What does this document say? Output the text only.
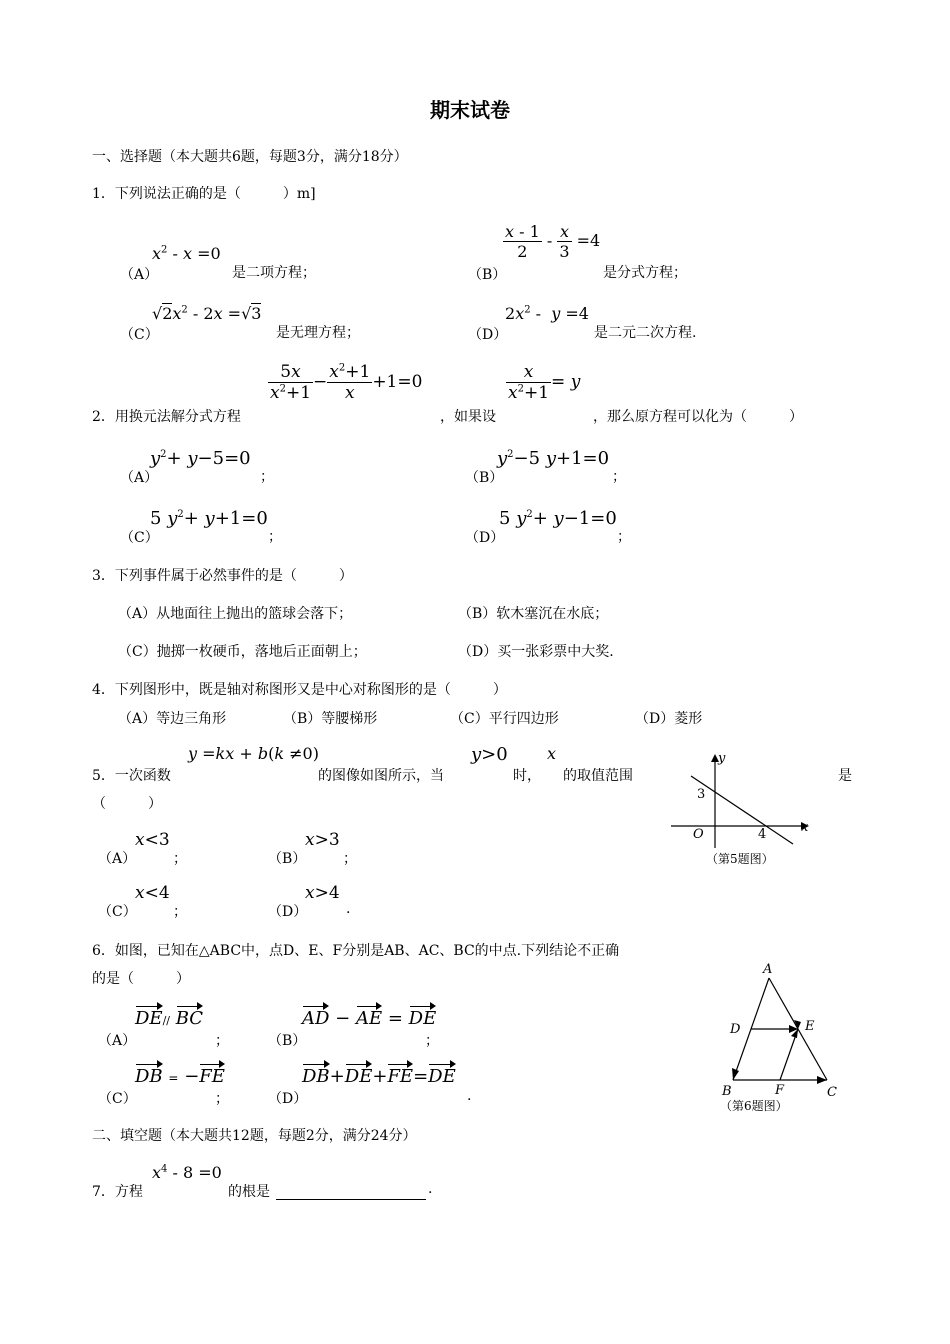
期末试卷
一、选择题（本大题共6题，每题3分，满分18分）
1．下列说法正确的是（　　　）m]
（A）
$x^2 - x =0$
是二项方程；	（B）
$\frac{x - 1}{2} - \frac{x}{3} =4$
是分式方程；
（C）
$√2x^2 - 2x =√3$
是无理方程；	（D）
$2x^2 - y =4$
是二元二次方程.
$\frac{5x}{x^2+1} - \frac{x^2+1}{x} +1=0$	$\frac{x}{x^2+1} = y$
2．用换元法解分式方程	，如果设	，那么原方程可以化为（　　　）
（A）
$y^2+ y-5=0$
；	（B）
$y^2-5$ y+1=0
；
（C）
5 $y^2+ y+1=0$
；	（D）
5 $y^2+ y-1=0$
；
3．下列事件属于必然事件的是（　　　）
（A）从地面往上抛出的篮球会落下；	（B）软木塞沉在水底；
（C）抛掷一枚硬币，落地后正面朝上；	（D）买一张彩票中大奖.
4．下列图形中，既是轴对称图形又是中心对称图形的是（　　　）
（A）等边三角形	（B）等腰梯形	（C）平行四边形	（D）菱形
y =kx + b(k ≠0)	y>0 x
5．一次函数	的图像如图所示，当	时， 的取值范围	是
（　　　）
（A）
x<3
；	（B）
x>3
；
（C）
x<4
；	（D）
x>4
.
y
x
O
3
4
（第5题图）
6．如图，已知在△ABC中，点D、E、F分别是AB、AC、BC的中点.下列结论不正确
的是（　　　）
（A）
DE// BC
；	（B）
AD − AE = DE
；
（C）
DB = −FE
；	（D）
DB+DE+FE=DE
.
A
B	C
D	E
F
（第6题图）
二、填空题（本大题共12题，每题2分，满分24分）
$x^4 - 8 =0$
7．方程	的根是	.
